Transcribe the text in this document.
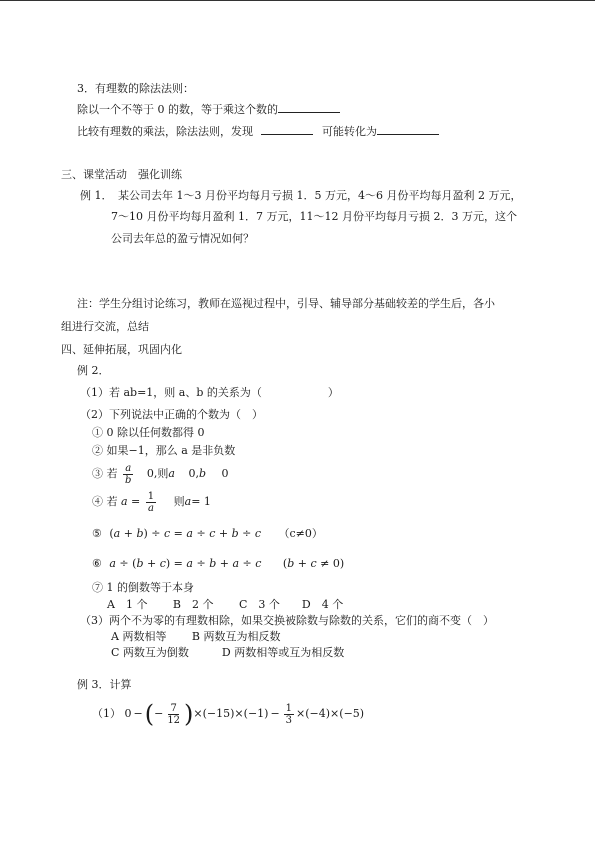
3．有理数的除法法则：
除以一个不等于 0 的数，等于乘这个数的
比较有理数的乘法，除法法则，发现	可能转化为
三、课堂活动　强化训练
例 1．　某公司去年 1～3 月份平均每月亏损 1．5 万元，4～6 月份平均每月盈利 2 万元，
7～10 月份平均每月盈利 1．7 万元，11～12 月份平均每月亏损 2．3 万元，这个
公司去年总的盈亏情况如何？
注：学生分组讨论练习，教师在巡视过程中，引导、辅导部分基础较差的学生后，各小
组进行交流，总结
四、延伸拓展，巩固内化
例 2．
（1）若 ab=1，则 a、b 的关系为（　　　　　　）
（2）下列说法中正确的个数为（　）
① 0 除以任何数都得 0
② 如果−1，那么 a 是非负数
③ 若 $\frac{a}{b} 0$,则a 0,b 0
④ 若 $a = \frac{1}{a}$ 则a= 1
⑤ (a + b) ÷ c = a ÷ c + b ÷ c （c≠0）
⑥ a ÷ (b + c) = a ÷ b + a ÷ c (b + c ≠ 0)
⑦ 1 的倒数等于本身
A　1 个　　 B　2 个　　 C　3 个　　D　4 个
（3）两个不为零的有理数相除，如果交换被除数与除数的关系，它们的商不变（　）
A 两数相等　　 B 两数互为相反数
C 两数互为倒数　　　D 两数相等或互为相反数
例 3．计算
（1） 0 −(− $\frac{7}{12} )\times(-15)\times(-1) - \frac{1}{3} \times(-4)\times(-5)$
